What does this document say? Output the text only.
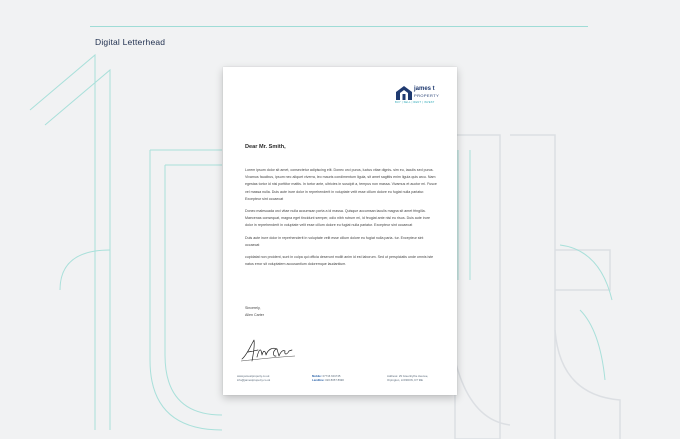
Digital Letterhead
james t
PROPERTY
BUY | SELL | RENT | INVEST
Dear Mr. Smith,

Lorem ipsum dolor sit amet, consectetur adipiscing elit. Donec orci purus, luctus vitae dignis- sim eu, iaculis sed purus. Vivamus faucibus, ipsum nec aliquet viverra, leo mauris condimentum ligula, sit amet sagittis enim ligula quis arcu. Nam egestas tortor id nisi porttitor mattis. In tortor ante, ultricies in suscipit a, tempus non massa. Vivamus et auctor mi. Fusce vel massa nulla. Duis aute irure dolor in reprehenderit in voluptate velit esse cillum dolore eu fugiat nulla pariatur. Excepteur sint occaecat

Donec malesuada orci vitae nulla accumsan porta a id massa. Quisque accumsan iaculis magna sit amet fringilla. Maecenas consequat, magna eget tincidunt semper, odio nibh rutrum mi, id feugiat ante nisl eu risus. Duis aute irure dolor in reprehenderit in voluptate velit esse cillum dolore eu fugiat nulla pariatur. Excepteur sint occaecat

Duis aute irure dolor in reprehenderit in voluptate velit esse cillum dolore eu fugiat nulla paria- tur. Excepteur sint occaecat

cupidatat non proident, sunt in culpa qui officia deserunt mollit anim id est laborum. Sed ut perspiciatis unde omnis iste natus error sit voluptatem accusantium doloremque laudantium.

Sincerely,
Allen Carter
www.jamestproperty.co.uk
info@jamestproperty.co.uk
Mobile: 07716 601745
Landline: 020 8057 8990
Address: 29 Greenhythe Avenue,
Orpington, LONDON, D7 9IE
